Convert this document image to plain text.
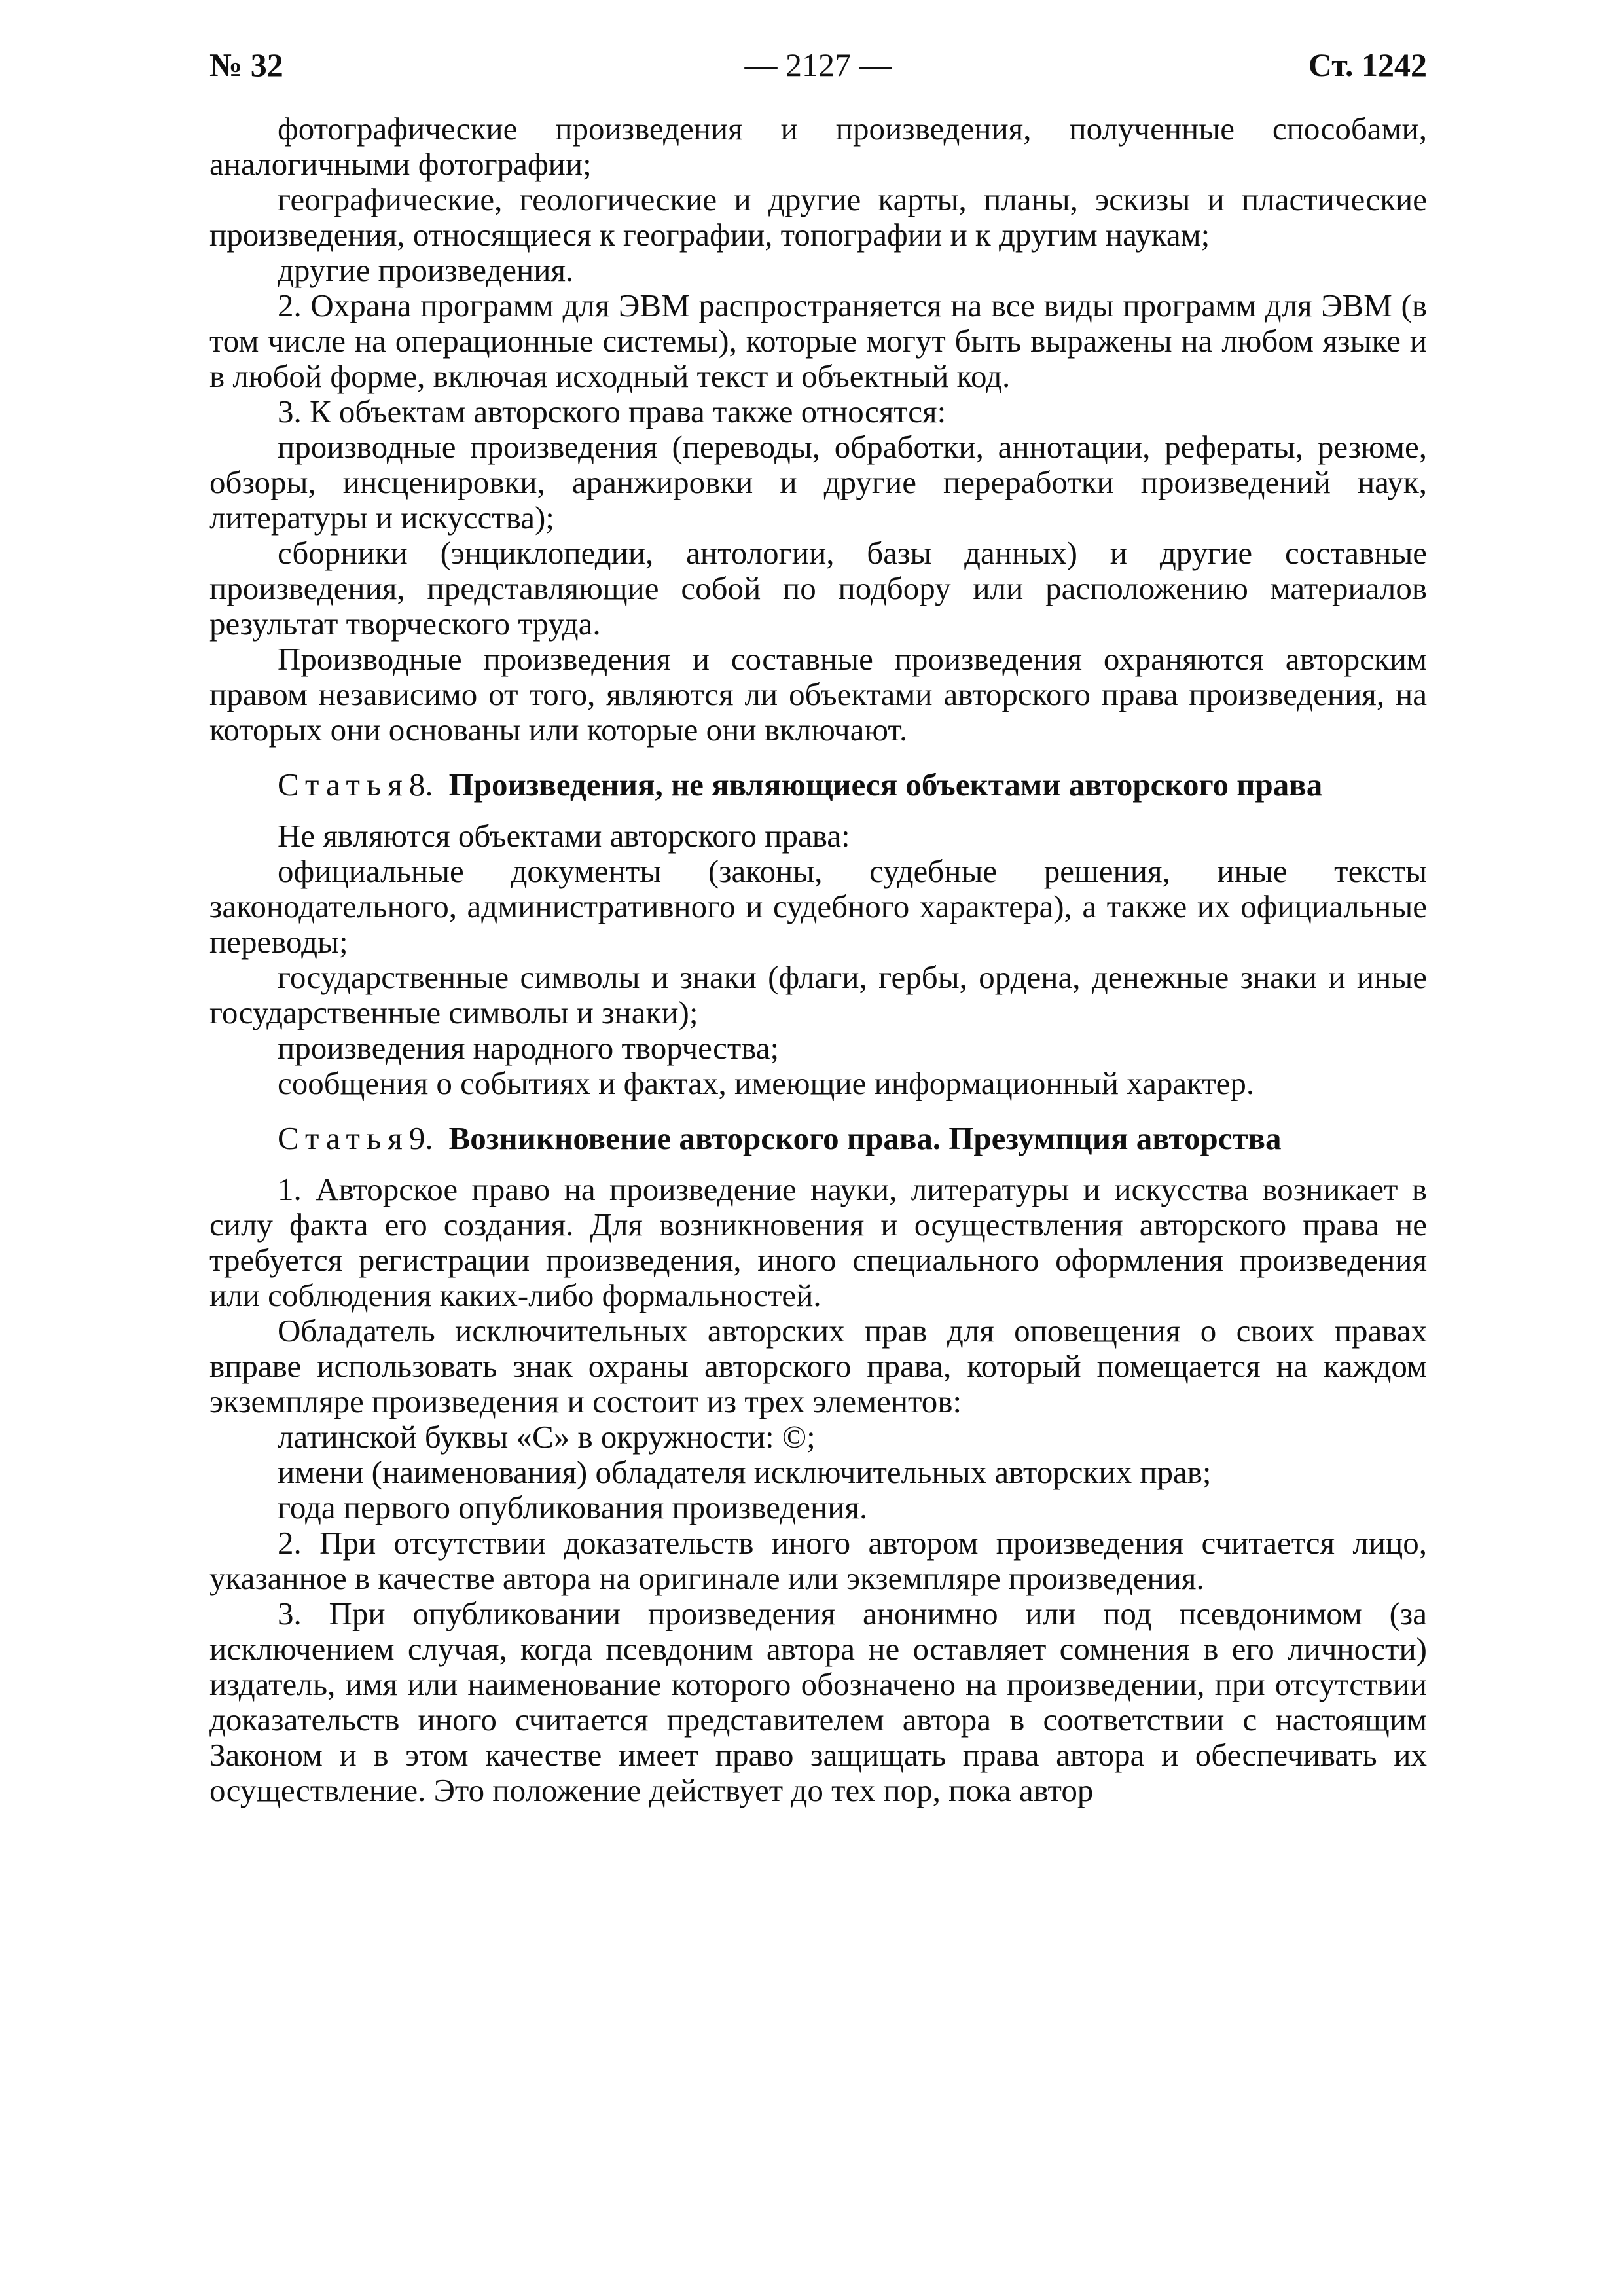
№ 32	— 2127 —	Ст. 1242

фотографические произведения и произведения, полученные способами, аналогичными фотографии;

географические, геологические и другие карты, планы, эскизы и пластические произведения, относящиеся к географии, топографии и к другим наукам;

другие произведения.

2. Охрана программ для ЭВМ распространяется на все виды программ для ЭВМ (в том числе на операционные системы), которые могут быть выражены на любом языке и в любой форме, включая исходный текст и объектный код.

3. К объектам авторского права также относятся:

производные произведения (переводы, обработки, аннотации, рефераты, резюме, обзоры, инсценировки, аранжировки и другие переработки произведений наук, литературы и искусства);

сборники (энциклопедии, антологии, базы данных) и другие составные произведения, представляющие собой по подбору или расположению материалов результат творческого труда.

Производные произведения и составные произведения охраняются авторским правом независимо от того, являются ли объектами авторского права произведения, на которых они основаны или которые они включают.

Статья 8. Произведения, не являющиеся объектами авторского права

Не являются объектами авторского права:

официальные документы (законы, судебные решения, иные тексты законодательного, административного и судебного характера), а также их официальные переводы;

государственные символы и знаки (флаги, гербы, ордена, денежные знаки и иные государственные символы и знаки);

произведения народного творчества;

сообщения о событиях и фактах, имеющие информационный характер.

Статья 9. Возникновение авторского права. Презумпция авторства

1. Авторское право на произведение науки, литературы и искусства возникает в силу факта его создания. Для возникновения и осуществления авторского права не требуется регистрации произведения, иного специального оформления произведения или соблюдения каких-либо формальностей.

Обладатель исключительных авторских прав для оповещения о своих правах вправе использовать знак охраны авторского права, который помещается на каждом экземпляре произведения и состоит из трех элементов:

латинской буквы «С» в окружности: ©;

имени (наименования) обладателя исключительных авторских прав;

года первого опубликования произведения.

2. При отсутствии доказательств иного автором произведения считается лицо, указанное в качестве автора на оригинале или экземпляре произведения.

3. При опубликовании произведения анонимно или под псевдонимом (за исключением случая, когда псевдоним автора не оставляет сомнения в его личности) издатель, имя или наименование которого обозначено на произведении, при отсутствии доказательств иного считается представителем автора в соответствии с настоящим Законом и в этом качестве имеет право защищать права автора и обеспечивать их осуществление. Это положение действует до тех пор, пока автор
